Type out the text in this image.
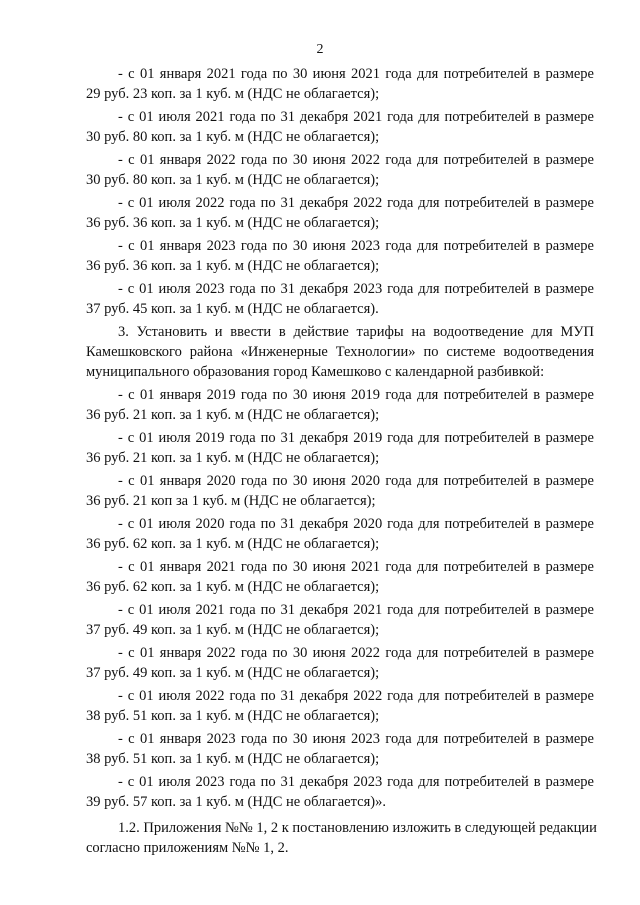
2
- с 01 января 2021 года по 30 июня 2021 года для потребителей в размере
29 руб. 23 коп. за 1 куб. м (НДС не облагается);
- с 01 июля 2021 года по 31 декабря 2021 года для потребителей в размере
30 руб. 80 коп. за 1 куб. м (НДС не облагается);
- с 01 января 2022 года по 30 июня 2022 года для потребителей в размере
30 руб. 80 коп. за 1 куб. м (НДС не облагается);
- с 01 июля 2022 года по 31 декабря 2022 года для потребителей в размере
36 руб. 36 коп. за 1 куб. м (НДС не облагается);
- с 01 января 2023 года по 30 июня 2023 года для потребителей в размере
36 руб. 36 коп. за 1 куб. м (НДС не облагается);
- с 01 июля 2023 года по 31 декабря 2023 года для потребителей в размере
37 руб. 45 коп. за 1 куб. м (НДС не облагается).
3. Установить и ввести в действие тарифы на водоотведение для МУП
Камешковского района «Инженерные Технологии» по системе водоотведения
муниципального образования город Камешково с календарной разбивкой:
- с 01 января 2019 года по 30 июня 2019 года для потребителей в размере
36 руб. 21 коп. за 1 куб. м (НДС не облагается);
- с 01 июля 2019 года по 31 декабря 2019 года для потребителей в размере
36 руб. 21 коп. за 1 куб. м (НДС не облагается);
- с 01 января 2020 года по 30 июня 2020 года для потребителей в размере
36 руб. 21 коп за 1 куб. м (НДС не облагается);
- с 01 июля 2020 года по 31 декабря 2020 года для потребителей в размере
36 руб. 62 коп. за 1 куб. м (НДС не облагается);
- с 01 января 2021 года по 30 июня 2021 года для потребителей в размере
36 руб. 62 коп. за 1 куб. м (НДС не облагается);
- с 01 июля 2021 года по 31 декабря 2021 года для потребителей в размере
37 руб. 49 коп. за 1 куб. м (НДС не облагается);
- с 01 января 2022 года по 30 июня 2022 года для потребителей в размере
37 руб. 49 коп. за 1 куб. м (НДС не облагается);
- с 01 июля 2022 года по 31 декабря 2022 года для потребителей в размере
38 руб. 51 коп. за 1 куб. м (НДС не облагается);
- с 01 января 2023 года по 30 июня 2023 года для потребителей в размере
38 руб. 51 коп. за 1 куб. м (НДС не облагается);
- с 01 июля 2023 года по 31 декабря 2023 года для потребителей в размере
39 руб. 57 коп. за 1 куб. м (НДС не облагается)».
1.2. Приложения №№ 1, 2 к постановлению изложить в следующей редакции
согласно приложениям №№ 1, 2.
